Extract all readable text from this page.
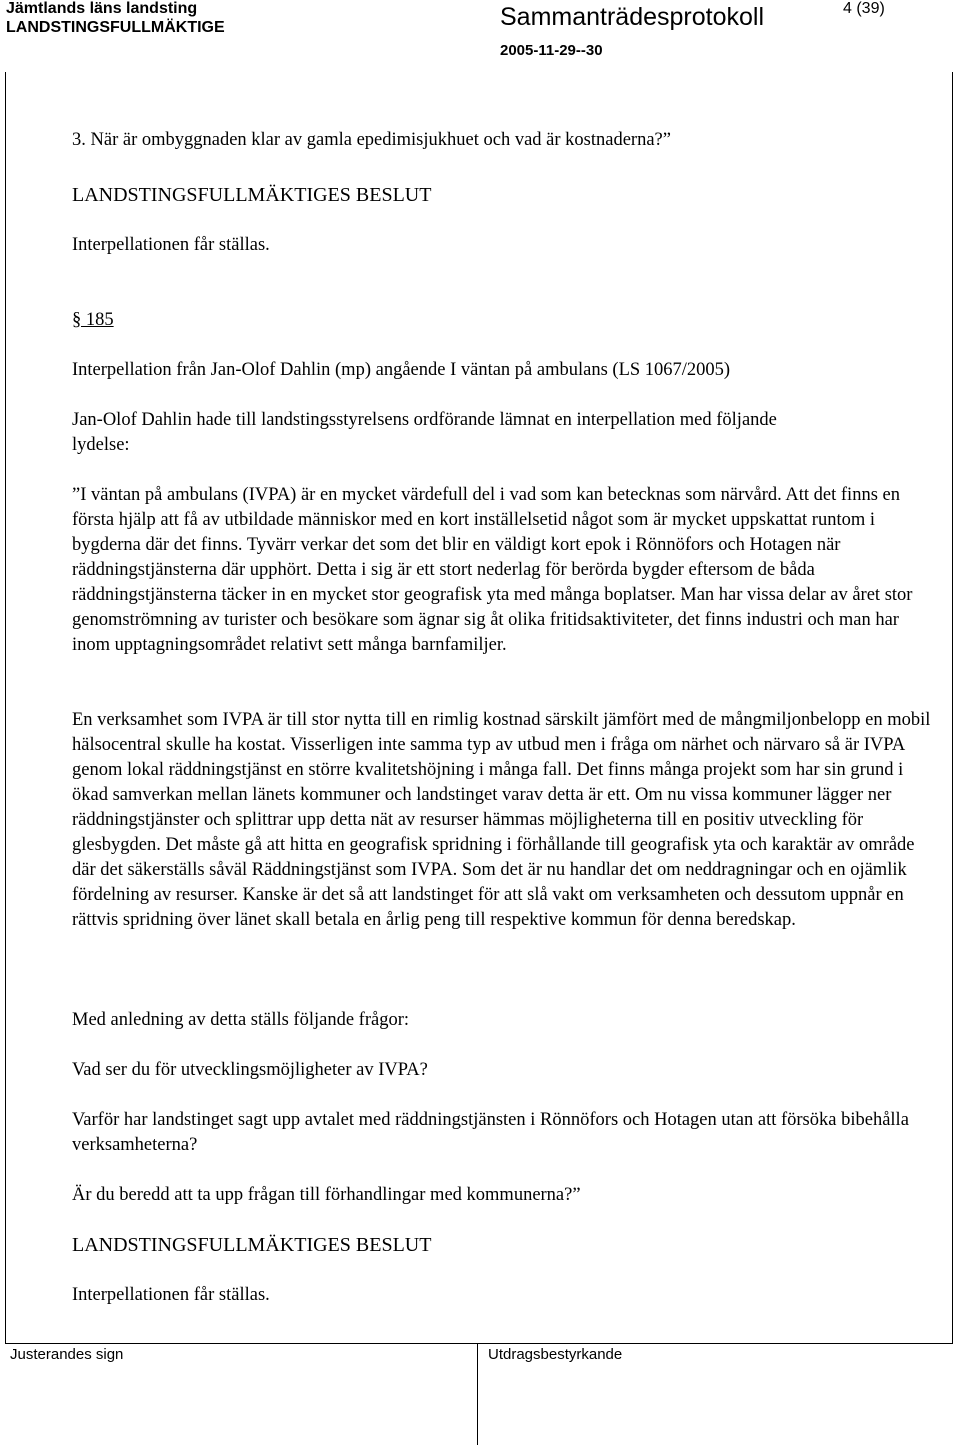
Jämtlands läns landsting
LANDSTINGSFULLMÄKTIGE	Sammanträdesprotokoll	4 (39)
2005-11-29--30
3. När är ombyggnaden klar av gamla epedimisjukhuet och vad är kostnaderna?”
LANDSTINGSFULLMÄKTIGES BESLUT
Interpellationen får ställas.
§ 185
Interpellation från Jan-Olof Dahlin (mp) angående I väntan på ambulans (LS 1067/2005)
Jan-Olof Dahlin hade till landstingsstyrelsens ordförande lämnat en interpellation med följande lydelse:
”I väntan på ambulans (IVPA) är en mycket värdefull del i vad som kan betecknas som närvård. Att det finns en första hjälp att få av utbildade människor med en kort inställelsetid något som är mycket uppskattat runtom i bygderna där det finns. Tyvärr verkar det som det blir en väldigt kort epok i Rönnöfors och Hotagen när räddningstjänsterna där upphört. Detta i sig är ett stort nederlag för berörda bygder eftersom de båda räddningstjänsterna täcker in en mycket stor geografisk yta med många boplatser. Man har vissa delar av året stor genomströmning av turister och besökare som ägnar sig åt olika fritidsaktiviteter, det finns industri och man har inom upptagningsområdet relativt sett många barnfamiljer.
En verksamhet som IVPA är till stor nytta till en rimlig kostnad särskilt jämfört med de mångmiljonbelopp en mobil hälsocentral skulle ha kostat. Visserligen inte samma typ av utbud men i fråga om närhet och närvaro så är IVPA genom lokal räddningstjänst en större kvalitetshöjning i många fall. Det finns många projekt som har sin grund i ökad samverkan mellan länets kommuner och landstinget varav detta är ett. Om nu vissa kommuner lägger ner räddningstjänster och splittrar upp detta nät av resurser hämmas möjligheterna till en positiv utveckling för glesbygden. Det måste gå att hitta en geografisk spridning i förhållande till geografisk yta och karaktär av område där det säkerställs såväl Räddningstjänst som IVPA. Som det är nu handlar det om neddragningar och en ojämlik fördelning av resurser. Kanske är det så att landstinget för att slå vakt om verksamheten och dessutom uppnår en rättvis spridning över länet skall betala en årlig peng till respektive kommun för denna beredskap.
Med anledning av detta ställs följande frågor:
Vad ser du för utvecklingsmöjligheter av IVPA?
Varför har landstinget sagt upp avtalet med räddningstjänsten i Rönnöfors och Hotagen utan att försöka bibehålla verksamheterna?
Är du beredd att ta upp frågan till förhandlingar med kommunerna?”
LANDSTINGSFULLMÄKTIGES BESLUT
Interpellationen får ställas.
Justerandes sign	Utdragsbestyrkande
